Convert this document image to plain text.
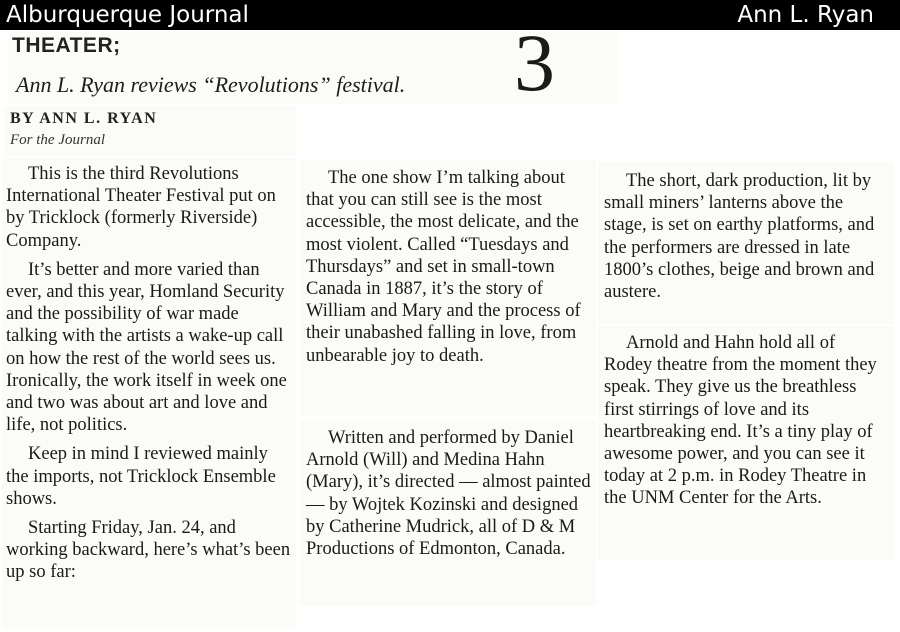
Alburquerque Journal	Ann L. Ryan
THEATER;
Ann L. Ryan reviews “Revolutions” festival. 3
BY ANN L. RYAN
For the Journal

This is the third Revolutions International Theater Festival put on by Tricklock (formerly Riverside) Company.

It’s better and more varied than ever, and this year, Homland Security and the possibility of war made talking with the artists a wake-up call on how the rest of the world sees us. Ironically, the work itself in week one and two was about art and love and life, not politics.

Keep in mind I reviewed mainly the imports, not Tricklock Ensemble shows.

Starting Friday, Jan. 24, and working backward, here’s what’s been up so far:

The one show I’m talking about that you can still see is the most accessible, the most delicate, and the most violent. Called “Tuesdays and Thursdays” and set in small-town Canada in 1887, it’s the story of William and Mary and the process of their unabashed falling in love, from unbearable joy to death.

Written and performed by Daniel Arnold (Will) and Medina Hahn (Mary), it’s directed — almost painted — by Wojtek Kozinski and designed by Catherine Mudrick, all of D & M Productions of Edmonton, Canada.

The short, dark production, lit by small miners’ lanterns above the stage, is set on earthy platforms, and the performers are dressed in late 1800’s clothes, beige and brown and austere.

Arnold and Hahn hold all of Rodey theatre from the moment they speak. They give us the breathless first stirrings of love and its heartbreaking end. It’s a tiny play of awesome power, and you can see it today at 2 p.m. in Rodey Theatre in the UNM Center for the Arts.
